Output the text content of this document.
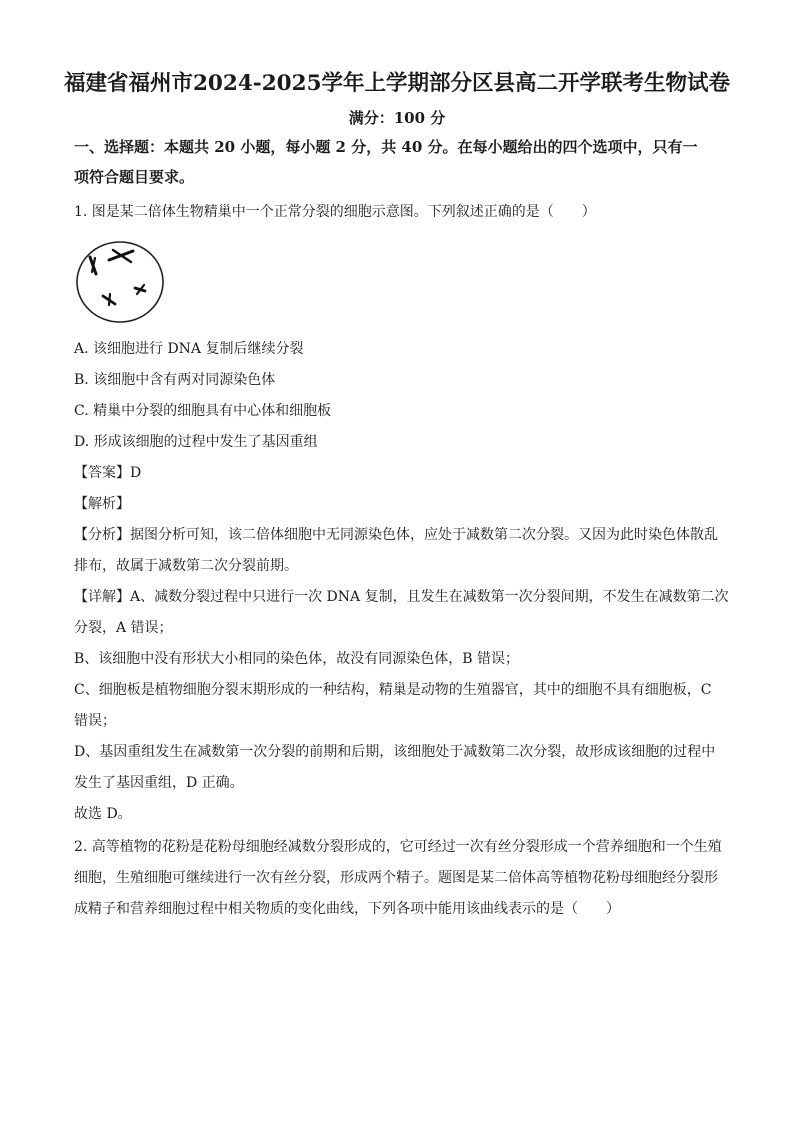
福建省福州市2024-2025学年上学期部分区县高二开学联考生物试卷
满分：100 分
一、选择题：本题共 20 小题，每小题 2 分，共 40 分。在每小题给出的四个选项中，只有一
项符合题目要求。
1. 图是某二倍体生物精巢中一个正常分裂的细胞示意图。下列叙述正确的是（　　）
A. 该细胞进行 DNA 复制后继续分裂
B. 该细胞中含有两对同源染色体
C. 精巢中分裂的细胞具有中心体和细胞板
D. 形成该细胞的过程中发生了基因重组
【答案】D
【解析】
【分析】据图分析可知，该二倍体细胞中无同源染色体，应处于减数第二次分裂。又因为此时染色体散乱
排布，故属于减数第二次分裂前期。
【详解】A、减数分裂过程中只进行一次 DNA 复制，且发生在减数第一次分裂间期，不发生在减数第二次
分裂，A 错误；
B、该细胞中没有形状大小相同的染色体，故没有同源染色体，B 错误；
C、细胞板是植物细胞分裂末期形成的一种结构，精巢是动物的生殖器官，其中的细胞不具有细胞板，C
错误；
D、基因重组发生在减数第一次分裂的前期和后期，该细胞处于减数第二次分裂，故形成该细胞的过程中
发生了基因重组，D 正确。
故选 D。
2. 高等植物的花粉是花粉母细胞经减数分裂形成的，它可经过一次有丝分裂形成一个营养细胞和一个生殖
细胞，生殖细胞可继续进行一次有丝分裂，形成两个精子。题图是某二倍体高等植物花粉母细胞经分裂形
成精子和营养细胞过程中相关物质的变化曲线，下列各项中能用该曲线表示的是（　　）
